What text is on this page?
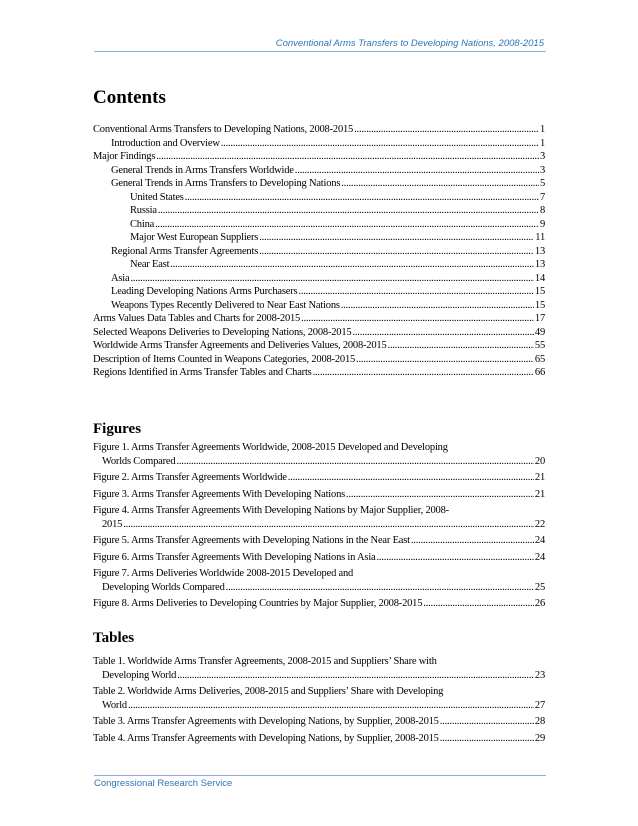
Conventional Arms Transfers to Developing Nations, 2008-2015
Contents
Conventional Arms Transfers to Developing Nations, 2008-2015 .....	1
Introduction and Overview .....	1
Major Findings .....	3
General Trends in Arms Transfers Worldwide .....	3
General Trends in Arms Transfers to Developing Nations .....	5
United States .....	7
Russia .....	8
China .....	9
Major West European Suppliers .....	11
Regional Arms Transfer Agreements .....	13
Near East .....	13
Asia .....	14
Leading Developing Nations Arms Purchasers .....	15
Weapons Types Recently Delivered to Near East Nations .....	15
Arms Values Data Tables and Charts for 2008-2015 .....	17
Selected Weapons Deliveries to Developing Nations, 2008-2015 .....	49
Worldwide Arms Transfer Agreements and Deliveries Values, 2008-2015 .....	55
Description of Items Counted in Weapons Categories, 2008-2015 .....	65
Regions Identified in Arms Transfer Tables and Charts .....	66
Figures
Figure 1. Arms Transfer Agreements Worldwide, 2008-2015 Developed and Developing
Worlds Compared .....	20
Figure 2. Arms Transfer Agreements Worldwide .....	21
Figure 3. Arms Transfer Agreements With Developing Nations .....	21
Figure 4. Arms Transfer Agreements With Developing Nations by Major Supplier, 2008-
2015 .....	22
Figure 5. Arms Transfer Agreements with Developing Nations in the Near East .....	24
Figure 6. Arms Transfer Agreements With Developing Nations in Asia .....	24
Figure 7. Arms Deliveries Worldwide 2008-2015 Developed and
Developing Worlds Compared .....	25
Figure 8. Arms Deliveries to Developing Countries by Major Supplier, 2008-2015 .....	26
Tables
Table 1. Worldwide Arms Transfer Agreements, 2008-2015 and Suppliers’ Share with
Developing World .....	23
Table 2. Worldwide Arms Deliveries, 2008-2015 and Suppliers’ Share with Developing
World .....	27
Table 3. Arms Transfer Agreements with Developing Nations, by Supplier, 2008-2015 .....	28
Table 4. Arms Transfer Agreements with Developing Nations, by Supplier, 2008-2015 .....	29
Congressional Research Service
